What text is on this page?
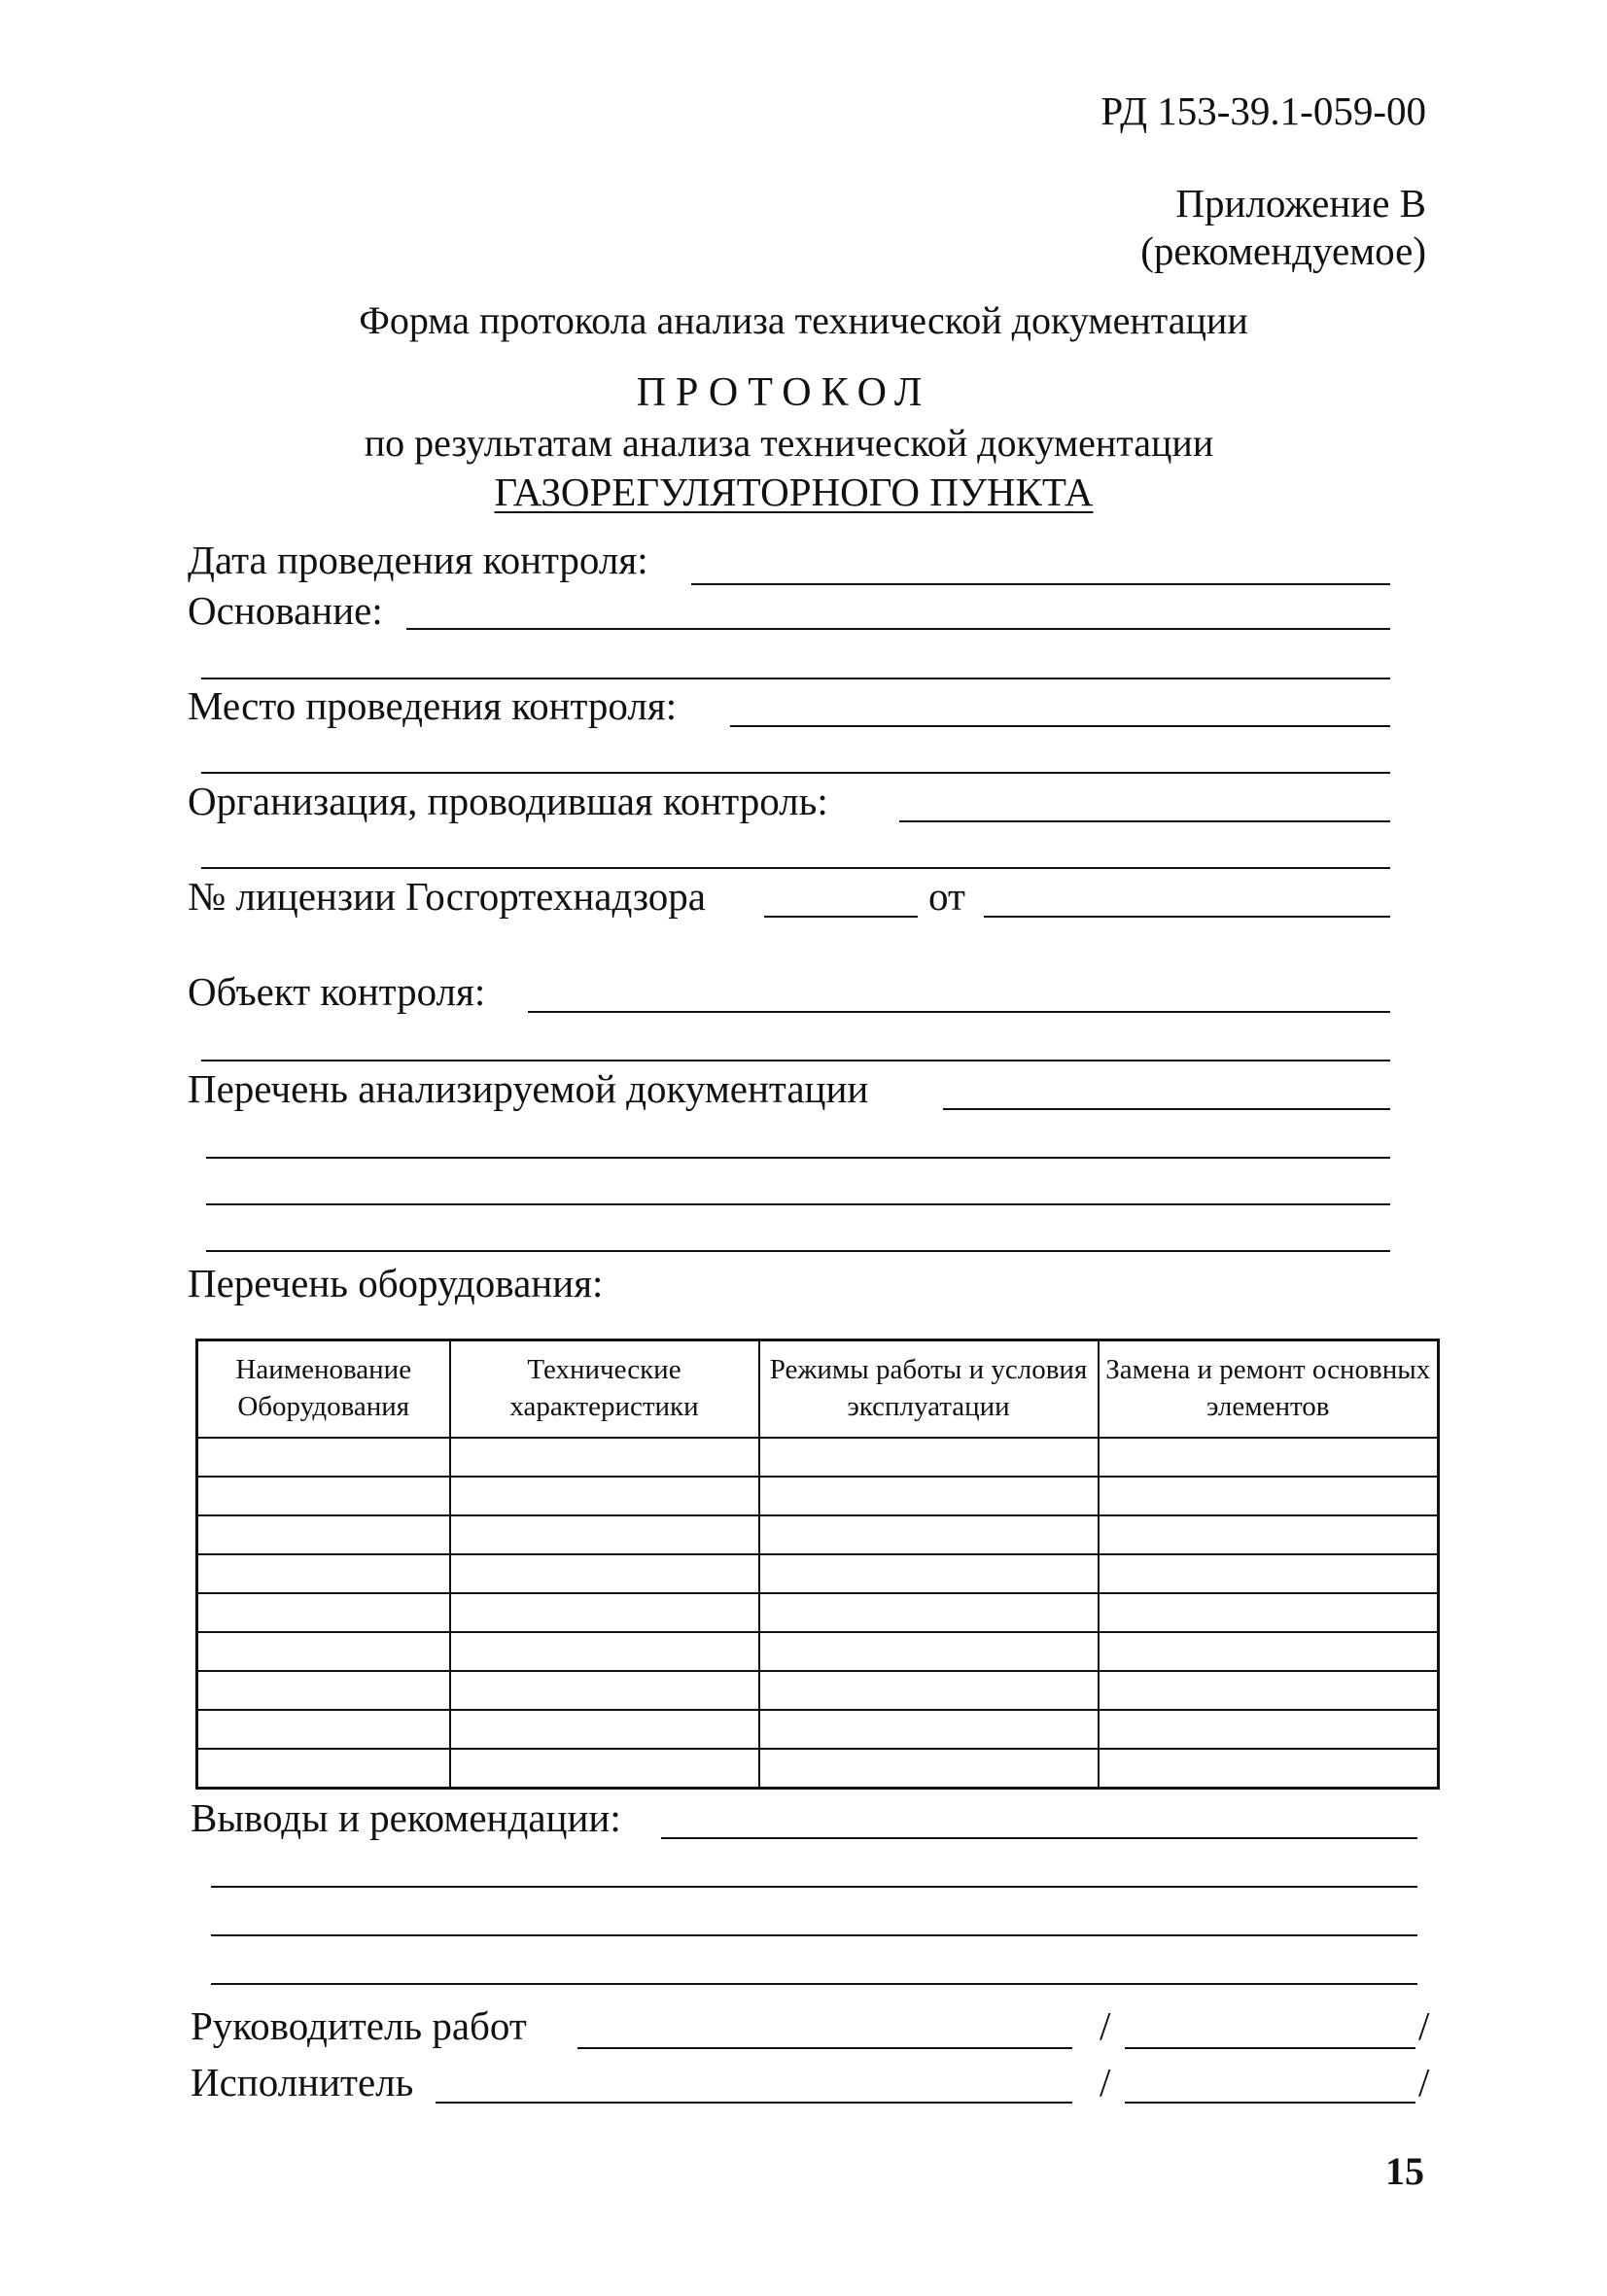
РД 153-39.1-059-00
Приложение В
(рекомендуемое)
Форма протокола анализа технической документации
ПРОТОКОЛ
по результатам анализа технической документации
ГАЗОРЕГУЛЯТОРНОГО ПУНКТА
Дата проведения контроля:
Основание:
Место проведения контроля:
Организация, проводившая контроль:
№ лицензии Госгортехнадзора	от
Объект контроля:
Перечень анализируемой документации
Перечень оборудования:
Наименование Оборудования	Технические характеристики	Режимы работы и условия эксплуатации	Замена и ремонт основных элементов

Выводы и рекомендации:
Руководитель работ	/	/
Исполнитель	/	/
15
